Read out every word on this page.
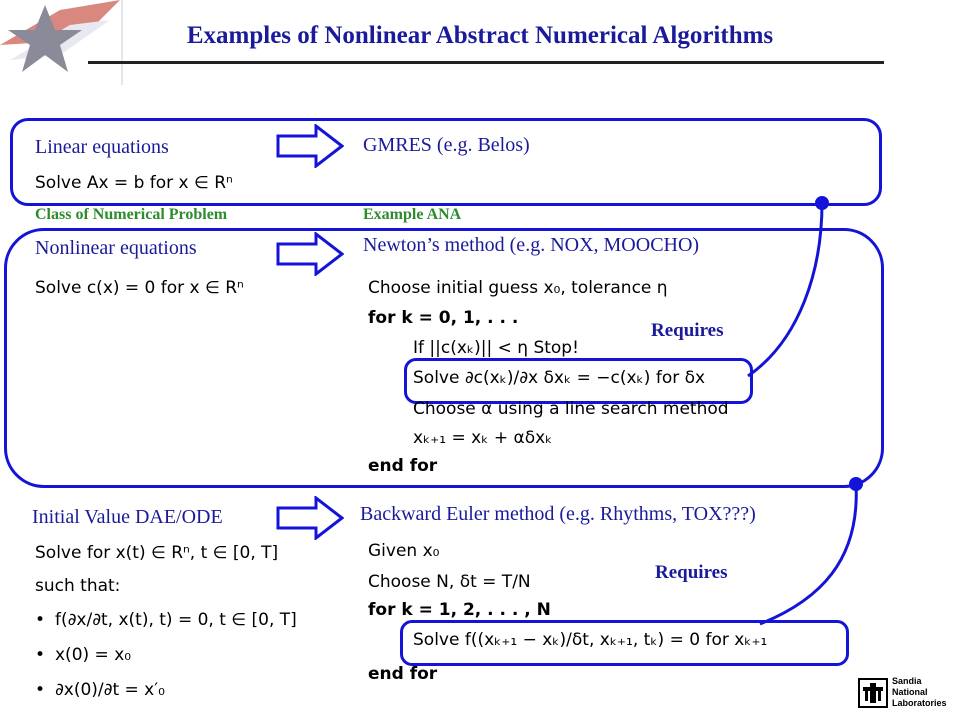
Examples of Nonlinear Abstract Numerical Algorithms
Linear equations	GMRES (e.g. Belos)
Solve Ax = b for x ∈ Rⁿ
Class of Numerical Problem	Example ANA
Nonlinear equations	Newton’s method (e.g. NOX, MOOCHO)
Solve c(x) = 0 for x ∈ Rⁿ	Choose initial guess x₀, tolerance η
for k = 0, 1, . . .
If ||c(xₖ)|| < η Stop!
Solve ∂c(xₖ)/∂x δxₖ = −c(xₖ) for δx
Choose α using a line search method
xₖ₊₁ = xₖ + αδxₖ
end for
Requires
Initial Value DAE/ODE	Backward Euler method (e.g. Rhythms, TOX???)
Solve for x(t) ∈ Rⁿ, t ∈ [0, T]
such that:
• f(∂x/∂t, x(t), t) = 0, t ∈ [0, T]
• x(0) = x₀
• ∂x(0)/∂t = x′₀
Given x₀
Choose N, δt = T/N
for k = 1, 2, . . . , N
Solve f((xₖ₊₁ − xₖ)/δt, xₖ₊₁, tₖ) = 0 for xₖ₊₁
end for
Requires
Sandia
National
Laboratories
